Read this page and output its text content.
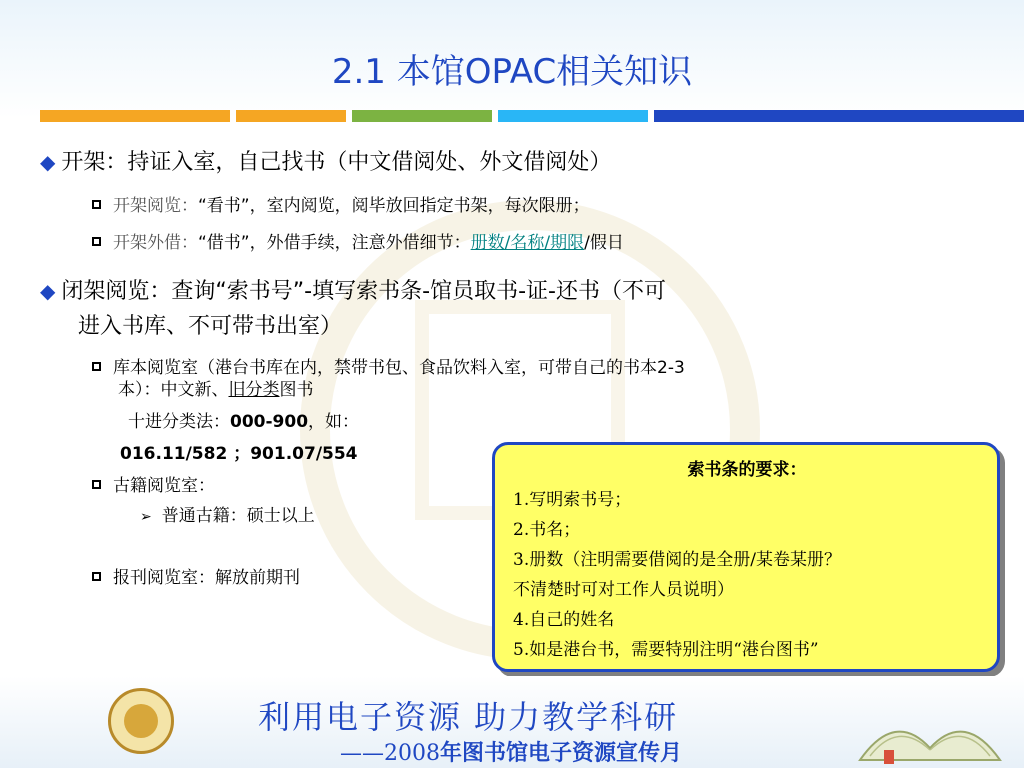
2.1 本馆OPAC相关知识
◆ 开架：持证入室，自己找书（中文借阅处、外文借阅处）
开架阅览：“看书”，室内阅览，阅毕放回指定书架，每次限册；
开架外借：“借书”，外借手续，注意外借细节：册数/名称/期限/假日
◆ 闭架阅览：查询“索书号”-填写索书条-馆员取书-证-还书（不可
进入书库、不可带书出室）
库本阅览室（港台书库在内，禁带书包、食品饮料入室，可带自己的书本2-3
本）：中文新、旧分类图书
十进分类法：000-900，如：
016.11/582 ；901.07/554
古籍阅览室：
➢ 普通古籍：硕士以上
报刊阅览室：解放前期刊
索书条的要求：
1.写明索书号；
2.书名；
3.册数（注明需要借阅的是全册/某卷某册？
不清楚时可对工作人员说明）
4.自己的姓名
5.如是港台书，需要特别注明“港台图书”
利用电子资源 助力教学科研
——2008年图书馆电子资源宣传月
